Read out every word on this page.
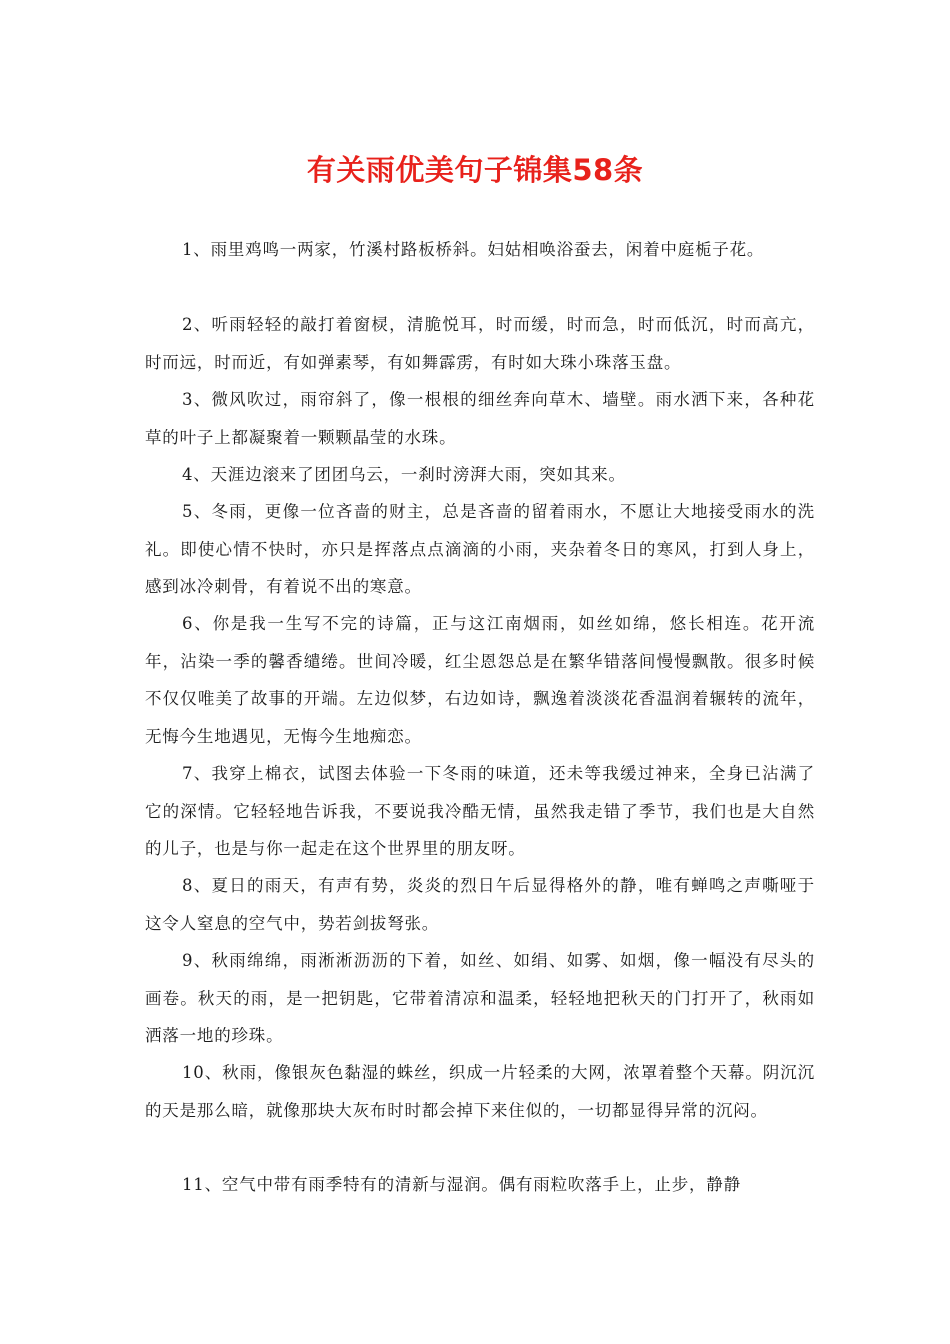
有关雨优美句子锦集58条

1、雨里鸡鸣一两家，竹溪村路板桥斜。妇姑相唤浴蚕去，闲着中庭栀子花。

2、听雨轻轻的敲打着窗棂，清脆悦耳，时而缓，时而急，时而低沉，时而高亢，时而远，时而近，有如弹素琴，有如舞霹雳，有时如大珠小珠落玉盘。

3、微风吹过，雨帘斜了，像一根根的细丝奔向草木、墙壁。雨水洒下来，各种花草的叶子上都凝聚着一颗颗晶莹的水珠。

4、天涯边滚来了团团乌云，一刹时滂湃大雨，突如其来。

5、冬雨，更像一位吝啬的财主，总是吝啬的留着雨水，不愿让大地接受雨水的洗礼。即使心情不快时，亦只是挥落点点滴滴的小雨，夹杂着冬日的寒风，打到人身上，感到冰冷刺骨，有着说不出的寒意。

6、你是我一生写不完的诗篇，正与这江南烟雨，如丝如绵，悠长相连。花开流年，沾染一季的馨香缱绻。世间冷暖，红尘恩怨总是在繁华错落间慢慢飘散。很多时候不仅仅唯美了故事的开端。左边似梦，右边如诗，飘逸着淡淡花香温润着辗转的流年，无悔今生地遇见，无悔今生地痴恋。

7、我穿上棉衣，试图去体验一下冬雨的味道，还未等我缓过神来，全身已沾满了它的深情。它轻轻地告诉我，不要说我冷酷无情，虽然我走错了季节，我们也是大自然的儿子，也是与你一起走在这个世界里的朋友呀。

8、夏日的雨天，有声有势，炎炎的烈日午后显得格外的静，唯有蝉鸣之声嘶哑于这令人窒息的空气中，势若剑拔弩张。

9、秋雨绵绵，雨淅淅沥沥的下着，如丝、如绢、如雾、如烟，像一幅没有尽头的画卷。秋天的雨，是一把钥匙，它带着清凉和温柔，轻轻地把秋天的门打开了，秋雨如洒落一地的珍珠。

10、秋雨，像银灰色黏湿的蛛丝，织成一片轻柔的大网，浓罩着整个天幕。阴沉沉的天是那么暗，就像那块大灰布时时都会掉下来住似的，一切都显得异常的沉闷。

11、空气中带有雨季特有的清新与湿润。偶有雨粒吹落手上，止步，静静
